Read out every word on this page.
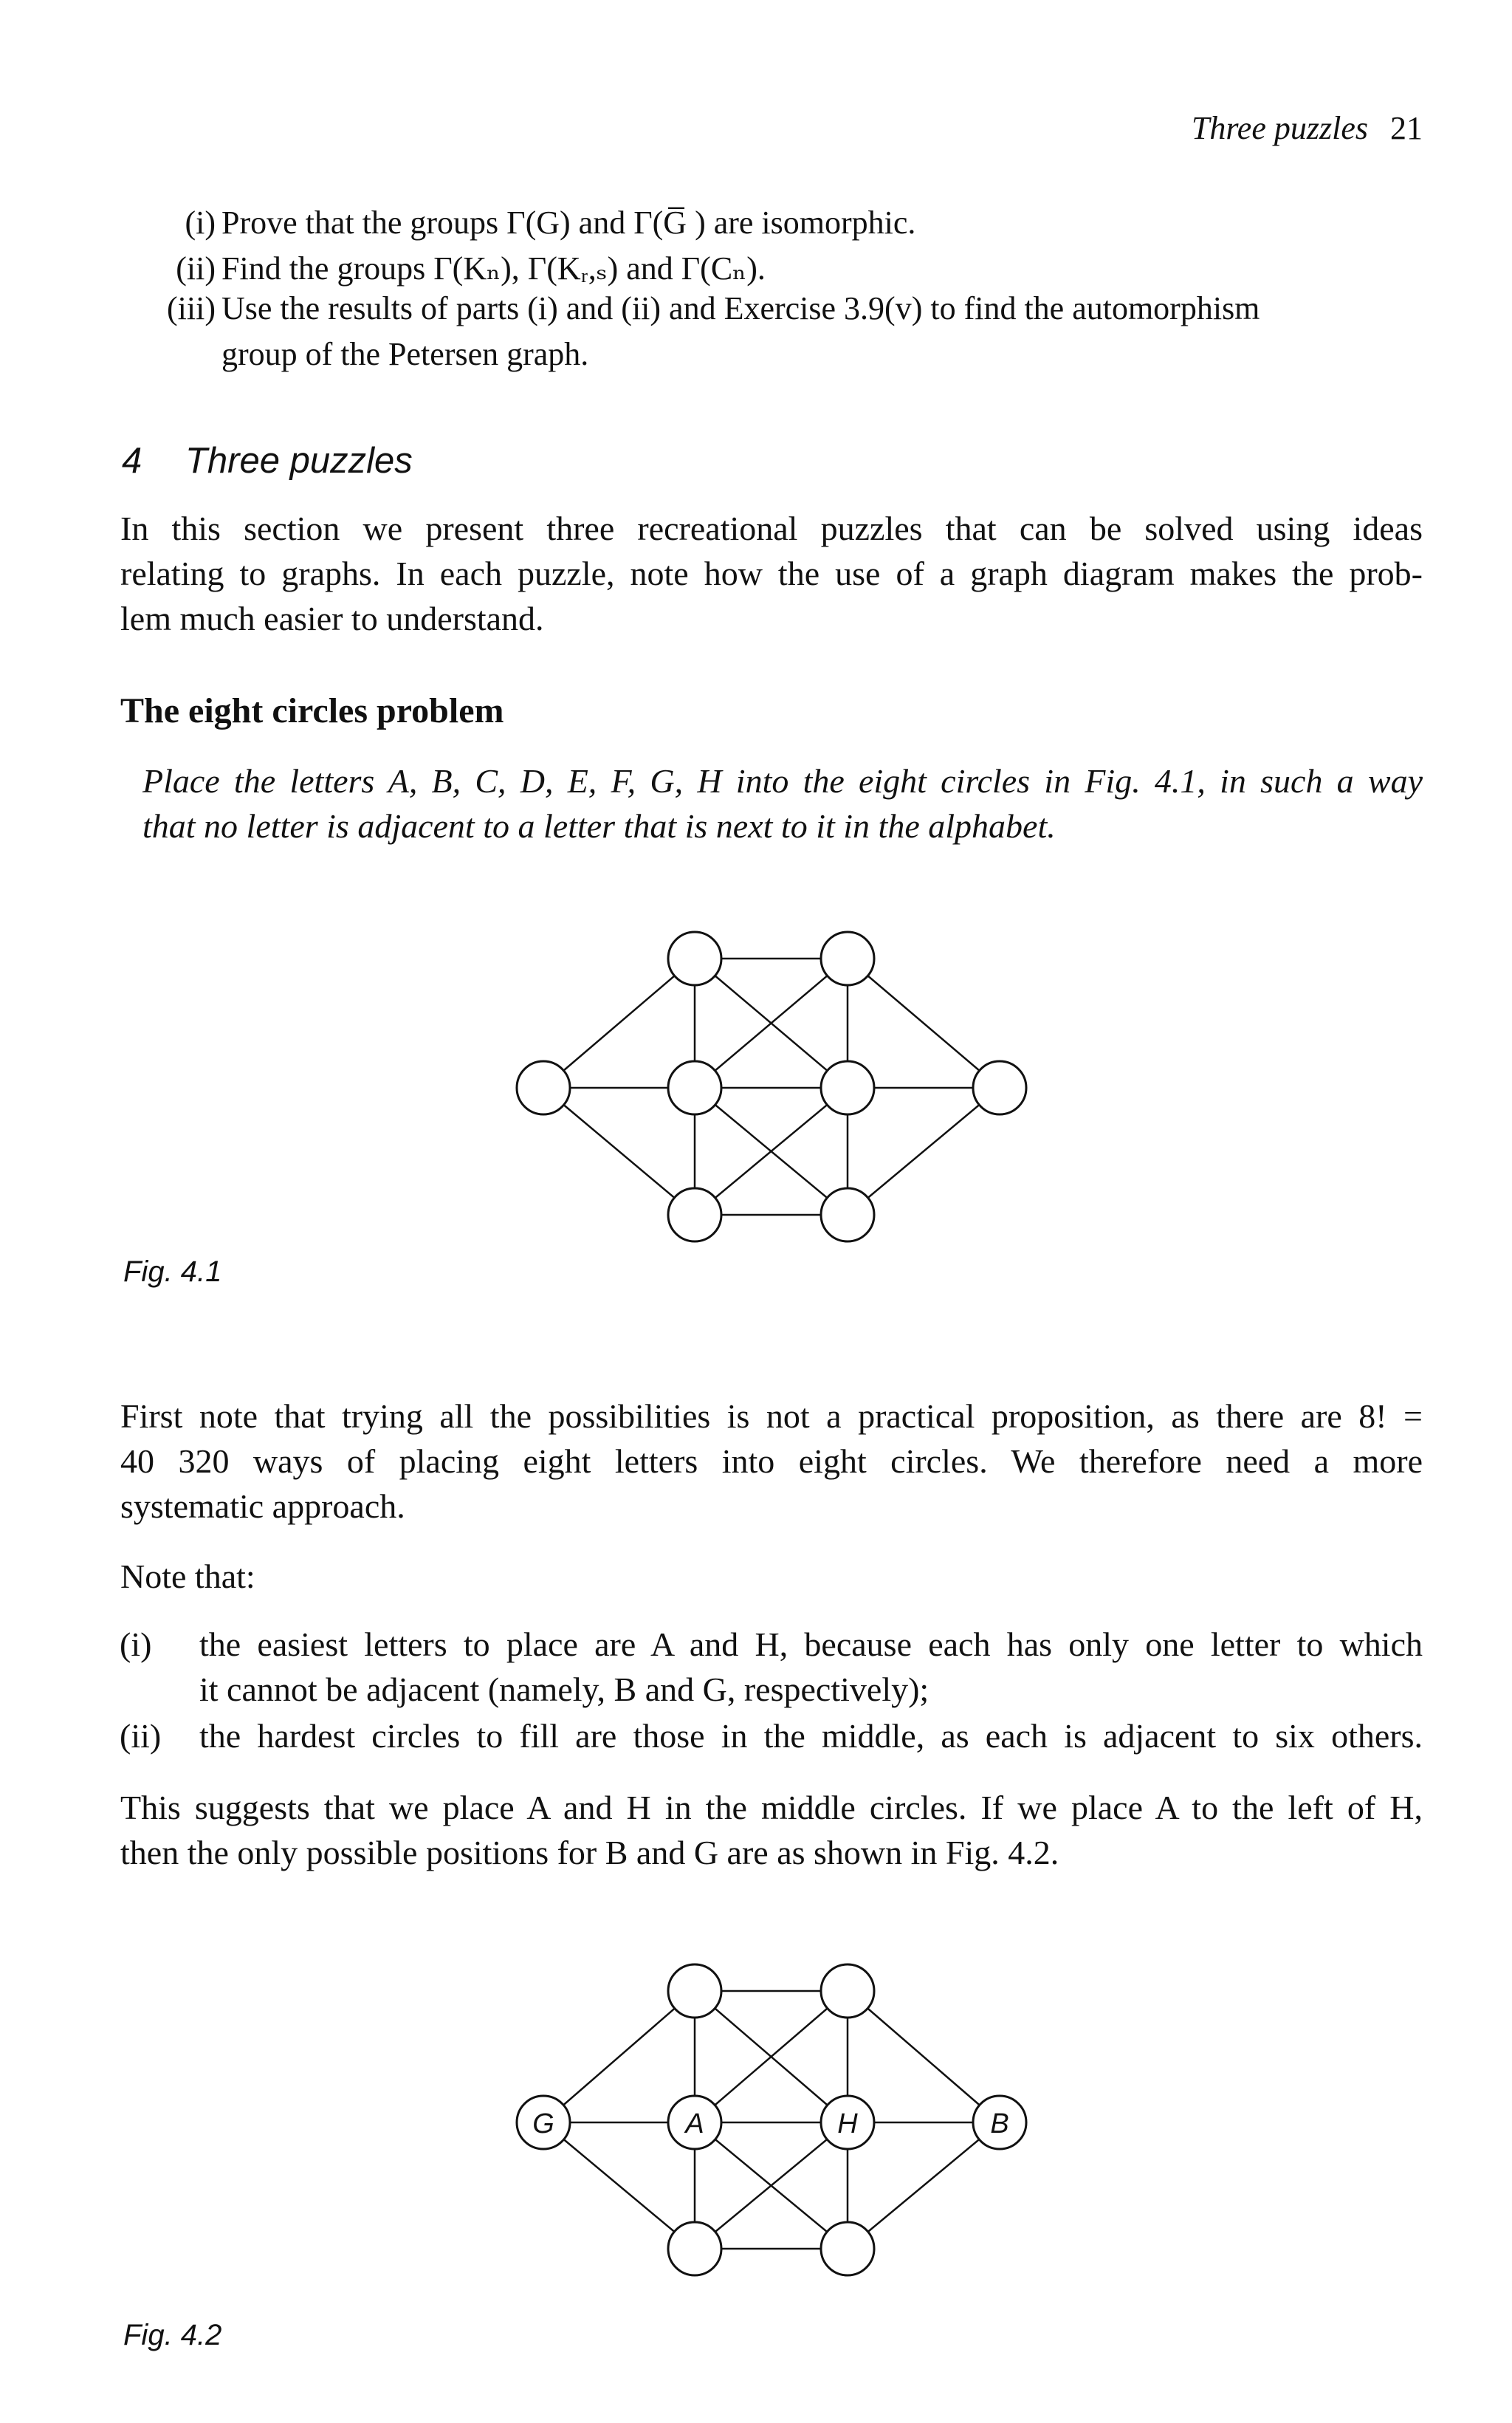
Three puzzles 21
(i) Prove that the groups Γ(G) and Γ(G̅ ) are isomorphic.
(ii) Find the groups Γ(Kₙ), Γ(Kᵣ,ₛ) and Γ(Cₙ).
(iii) Use the results of parts (i) and (ii) and Exercise 3.9(v) to find the automorphism
group of the Petersen graph.
4 Three puzzles
In this section we present three recreational puzzles that can be solved using ideas
relating to graphs. In each puzzle, note how the use of a graph diagram makes the prob-
lem much easier to understand.
The eight circles problem
Place the letters A, B, C, D, E, F, G, H into the eight circles in Fig. 4.1, in such a way
that no letter is adjacent to a letter that is next to it in the alphabet.
Fig. 4.1
First note that trying all the possibilities is not a practical proposition, as there are 8! =
40 320 ways of placing eight letters into eight circles. We therefore need a more
systematic approach.
Note that:
(i)	the easiest letters to place are A and H, because each has only one letter to which
it cannot be adjacent (namely, B and G, respectively);
(ii)	the hardest circles to fill are those in the middle, as each is adjacent to six others.
This suggests that we place A and H in the middle circles. If we place A to the left of H,
then the only possible positions for B and G are as shown in Fig. 4.2.
G	A	H	B
Fig. 4.2
